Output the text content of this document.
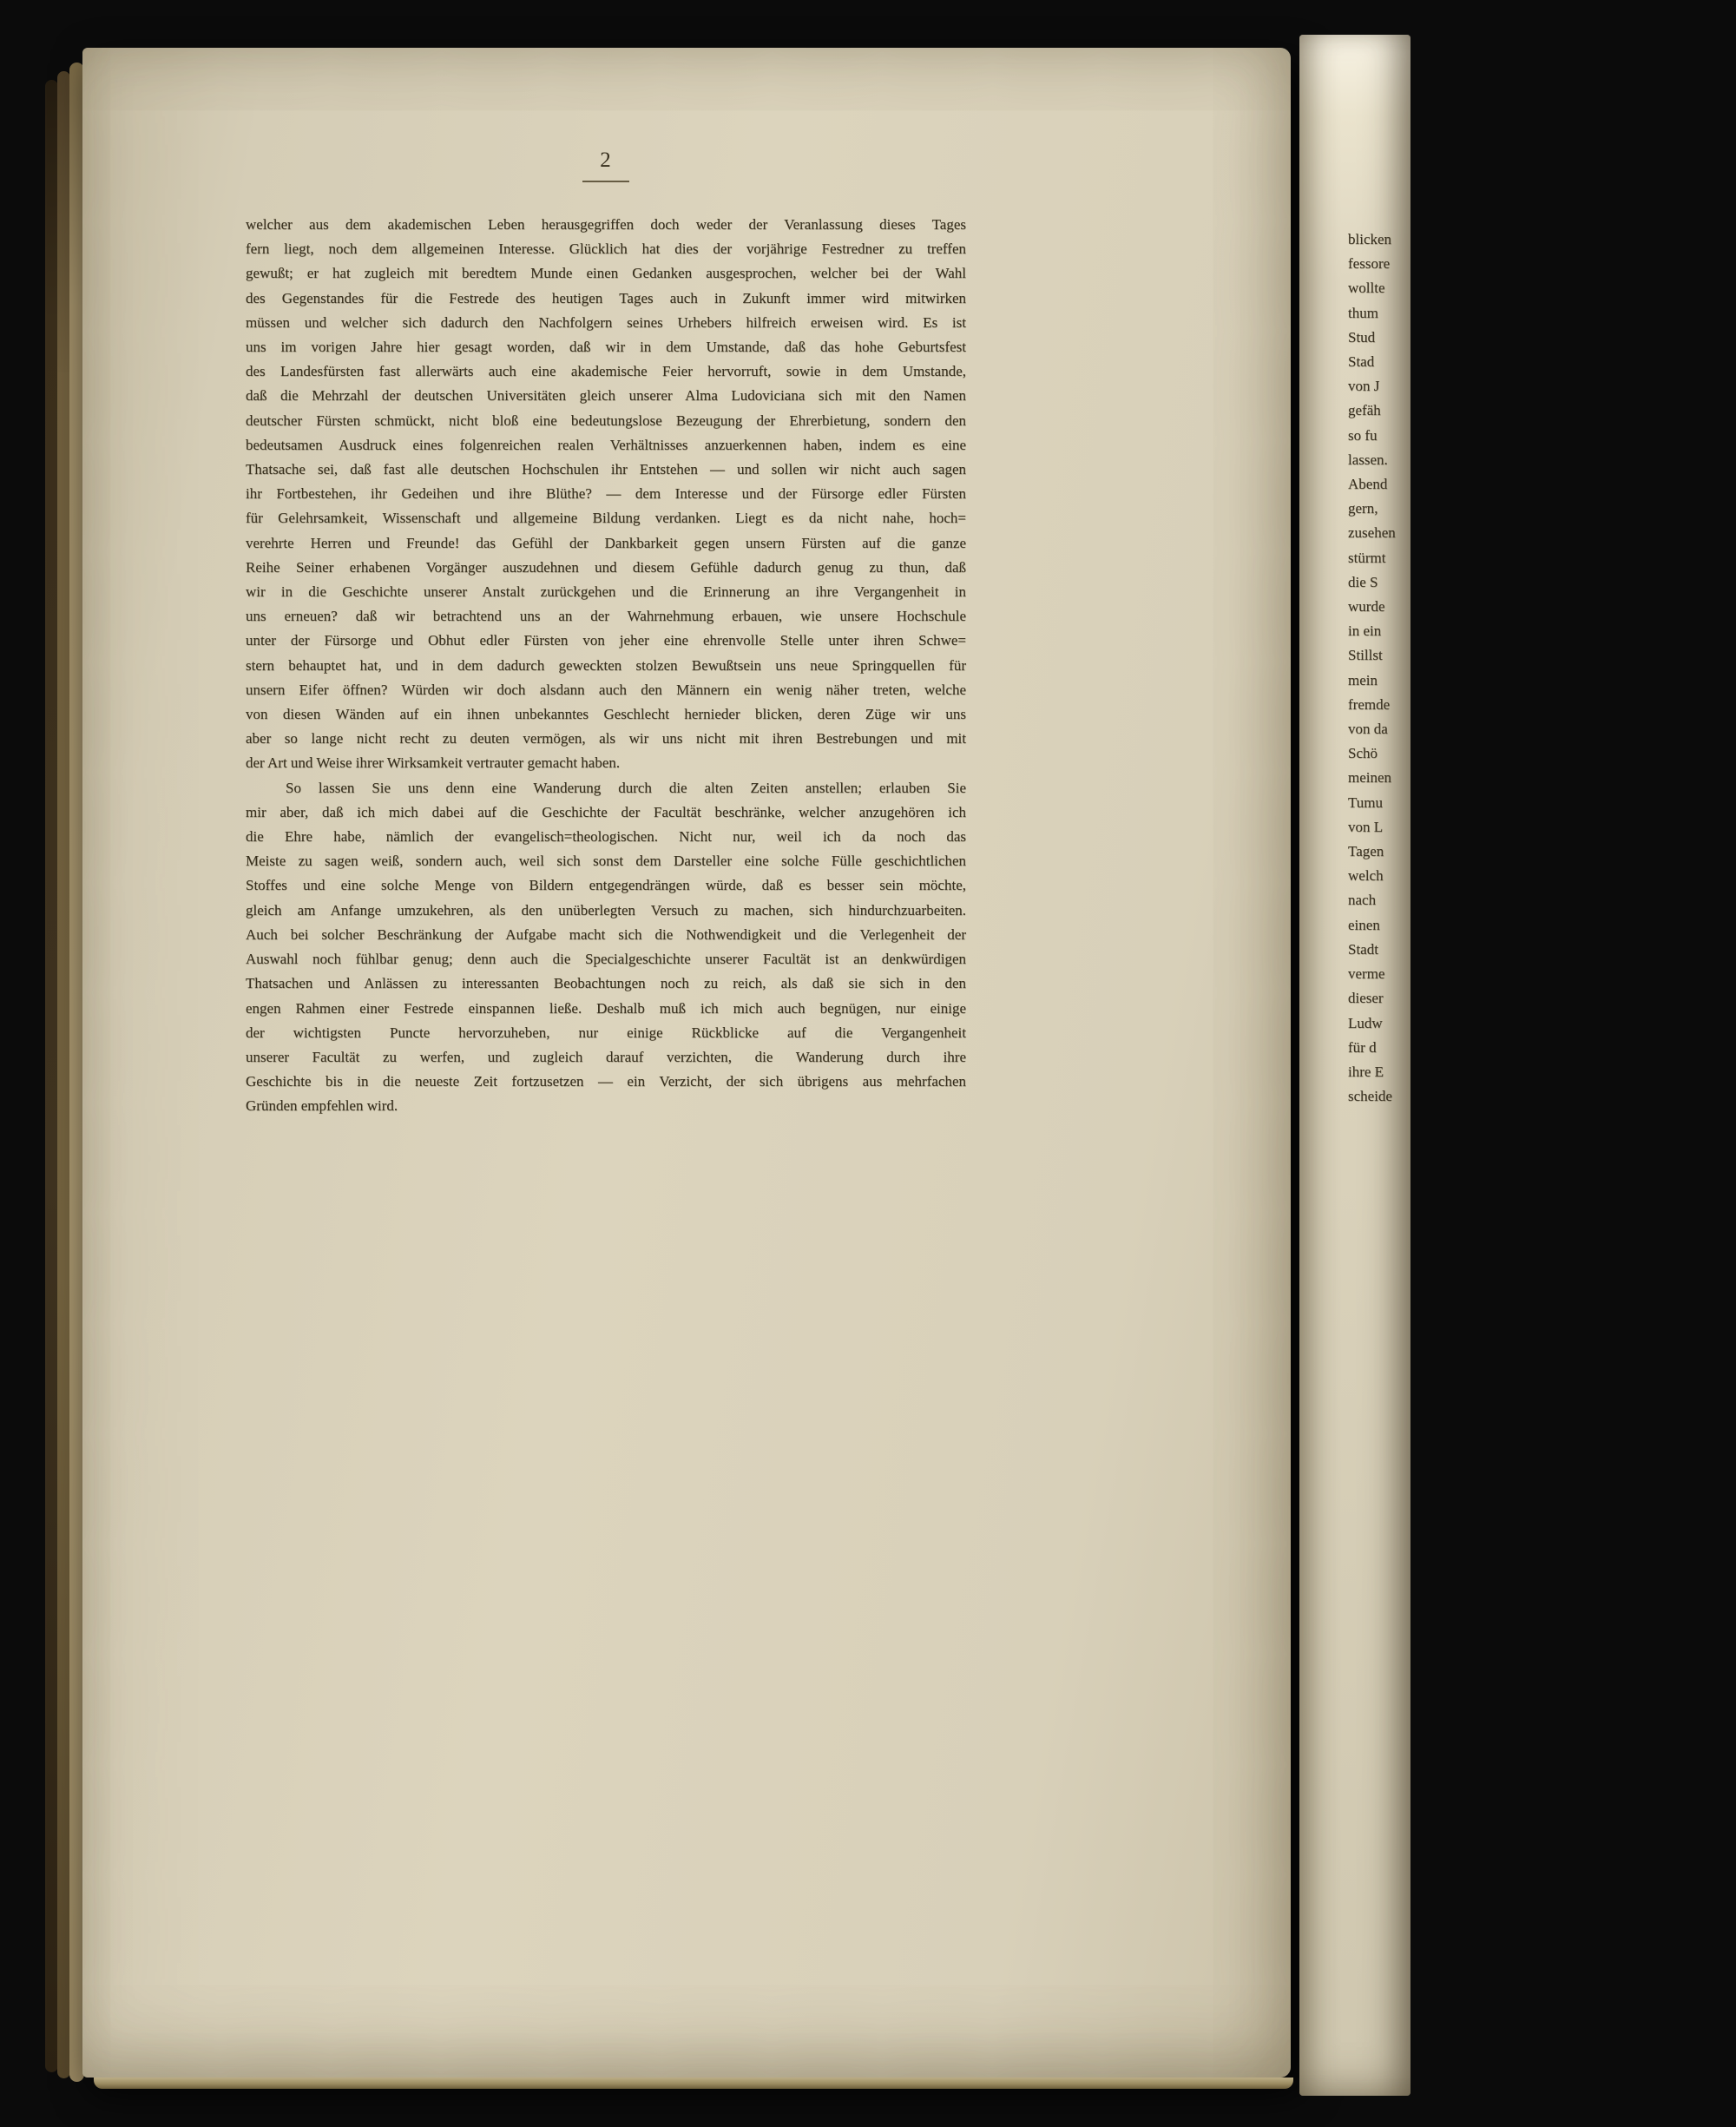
2
welcher aus dem akademischen Leben herausgegriffen doch weder der Veranlassung dieses Tages
fern liegt, noch dem allgemeinen Interesse. Glücklich hat dies der vorjährige Festredner zu treffen
gewußt; er hat zugleich mit beredtem Munde einen Gedanken ausgesprochen, welcher bei der Wahl
des Gegenstandes für die Festrede des heutigen Tages auch in Zukunft immer wird mitwirken
müssen und welcher sich dadurch den Nachfolgern seines Urhebers hilfreich erweisen wird. Es ist
uns im vorigen Jahre hier gesagt worden, daß wir in dem Umstande, daß das hohe Geburtsfest
des Landesfürsten fast allerwärts auch eine akademische Feier hervorruft, sowie in dem Umstande,
daß die Mehrzahl der deutschen Universitäten gleich unserer Alma Ludoviciana sich mit den Namen
deutscher Fürsten schmückt, nicht bloß eine bedeutungslose Bezeugung der Ehrerbietung, sondern den
bedeutsamen Ausdruck eines folgenreichen realen Verhältnisses anzuerkennen haben, indem es eine
Thatsache sei, daß fast alle deutschen Hochschulen ihr Entstehen — und sollen wir nicht auch sagen
ihr Fortbestehen, ihr Gedeihen und ihre Blüthe? — dem Interesse und der Fürsorge edler Fürsten
für Gelehrsamkeit, Wissenschaft und allgemeine Bildung verdanken. Liegt es da nicht nahe, hoch=
verehrte Herren und Freunde! das Gefühl der Dankbarkeit gegen unsern Fürsten auf die ganze
Reihe Seiner erhabenen Vorgänger auszudehnen und diesem Gefühle dadurch genug zu thun, daß
wir in die Geschichte unserer Anstalt zurückgehen und die Erinnerung an ihre Vergangenheit in
uns erneuen? daß wir betrachtend uns an der Wahrnehmung erbauen, wie unsere Hochschule
unter der Fürsorge und Obhut edler Fürsten von jeher eine ehrenvolle Stelle unter ihren Schwe=
stern behauptet hat, und in dem dadurch geweckten stolzen Bewußtsein uns neue Springquellen für
unsern Eifer öffnen? Würden wir doch alsdann auch den Männern ein wenig näher treten, welche
von diesen Wänden auf ein ihnen unbekanntes Geschlecht hernieder blicken, deren Züge wir uns
aber so lange nicht recht zu deuten vermögen, als wir uns nicht mit ihren Bestrebungen und mit
der Art und Weise ihrer Wirksamkeit vertrauter gemacht haben.
So lassen Sie uns denn eine Wanderung durch die alten Zeiten anstellen; erlauben Sie
mir aber, daß ich mich dabei auf die Geschichte der Facultät beschränke, welcher anzugehören ich
die Ehre habe, nämlich der evangelisch=theologischen. Nicht nur, weil ich da noch das
Meiste zu sagen weiß, sondern auch, weil sich sonst dem Darsteller eine solche Fülle geschichtlichen
Stoffes und eine solche Menge von Bildern entgegendrängen würde, daß es besser sein möchte,
gleich am Anfange umzukehren, als den unüberlegten Versuch zu machen, sich hindurchzuarbeiten.
Auch bei solcher Beschränkung der Aufgabe macht sich die Nothwendigkeit und die Verlegenheit der
Auswahl noch fühlbar genug; denn auch die Specialgeschichte unserer Facultät ist an denkwürdigen
Thatsachen und Anlässen zu interessanten Beobachtungen noch zu reich, als daß sie sich in den
engen Rahmen einer Festrede einspannen ließe. Deshalb muß ich mich auch begnügen, nur einige
der wichtigsten Puncte hervorzuheben, nur einige Rückblicke auf die Vergangenheit
unserer Facultät zu werfen, und zugleich darauf verzichten, die Wanderung durch ihre
Geschichte bis in die neueste Zeit fortzusetzen — ein Verzicht, der sich übrigens aus mehrfachen
Gründen empfehlen wird.
blicken
fessore
wollte
thum
Stud
Stad
von J
gefäh
so fu
lassen.
Abend
gern,
zusehen
stürmt
die S
wurde
in ein
Stillst
mein
fremde
von da
Schö
meinen
Tumu
von L
Tagen
welch
nach
einen
Stadt
verme
dieser
Ludw
für d
ihre E
scheide
